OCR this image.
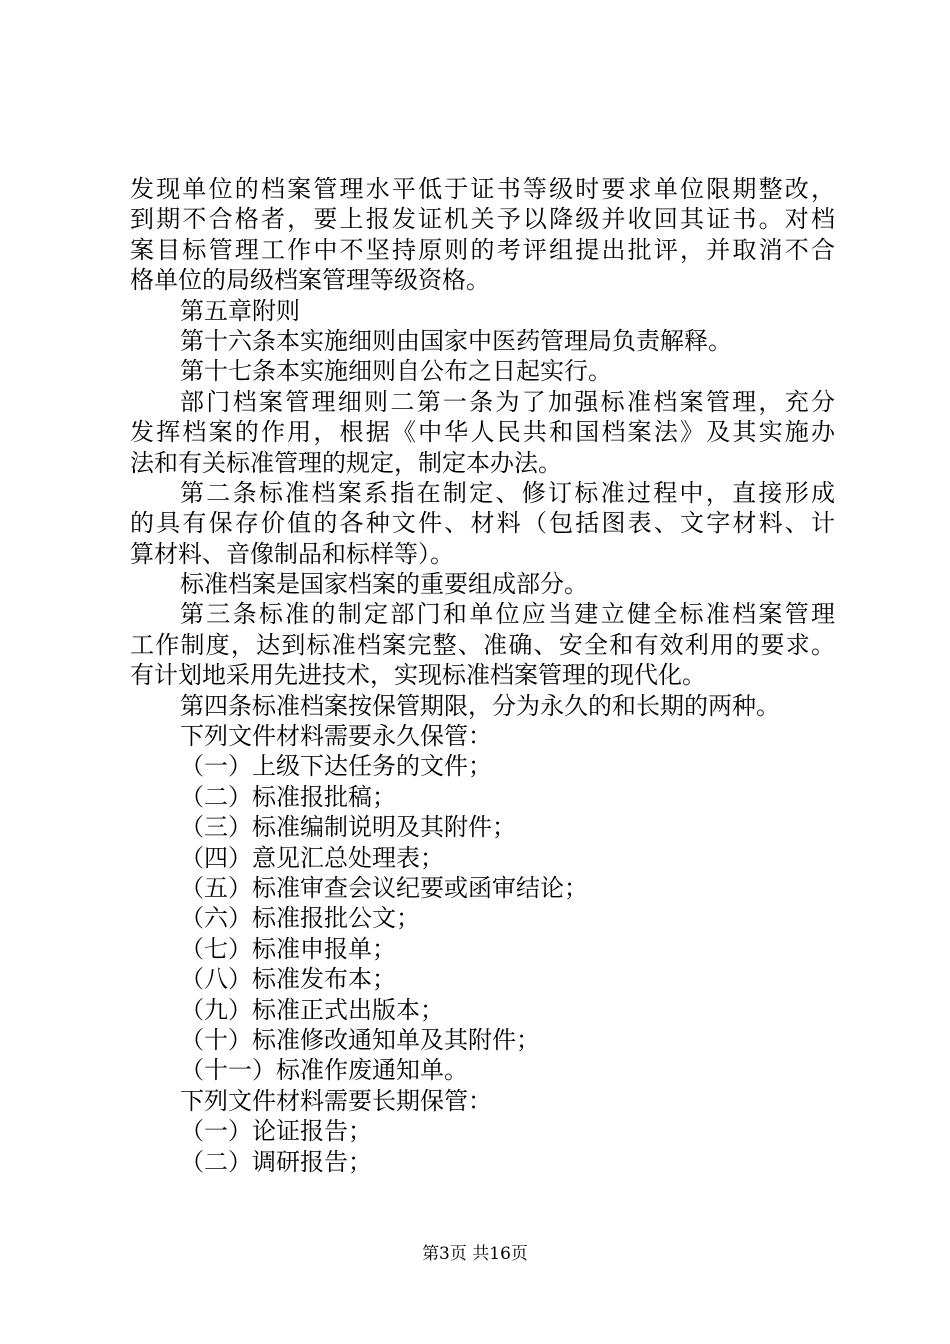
发现单位的档案管理水平低于证书等级时要求单位限期整改，
到期不合格者，要上报发证机关予以降级并收回其证书。对档
案目标管理工作中不坚持原则的考评组提出批评，并取消不合
格单位的局级档案管理等级资格。
第五章附则
第十六条本实施细则由国家中医药管理局负责解释。
第十七条本实施细则自公布之日起实行。
部门档案管理细则二第一条为了加强标准档案管理，充分
发挥档案的作用，根据《中华人民共和国档案法》及其实施办
法和有关标准管理的规定，制定本办法。
第二条标准档案系指在制定、修订标准过程中，直接形成
的具有保存价值的各种文件、材料（包括图表、文字材料、计
算材料、音像制品和标样等）。
标准档案是国家档案的重要组成部分。
第三条标准的制定部门和单位应当建立健全标准档案管理
工作制度，达到标准档案完整、准确、安全和有效利用的要求。
有计划地采用先进技术，实现标准档案管理的现代化。
第四条标准档案按保管期限，分为永久的和长期的两种。
下列文件材料需要永久保管：
（一）上级下达任务的文件；
（二）标准报批稿；
（三）标准编制说明及其附件；
（四）意见汇总处理表；
（五）标准审查会议纪要或函审结论；
（六）标准报批公文；
（七）标准申报单；
（八）标准发布本；
（九）标准正式出版本；
（十）标准修改通知单及其附件；
（十一）标准作废通知单。
下列文件材料需要长期保管：
（一）论证报告；
（二）调研报告；
第3页 共16页
